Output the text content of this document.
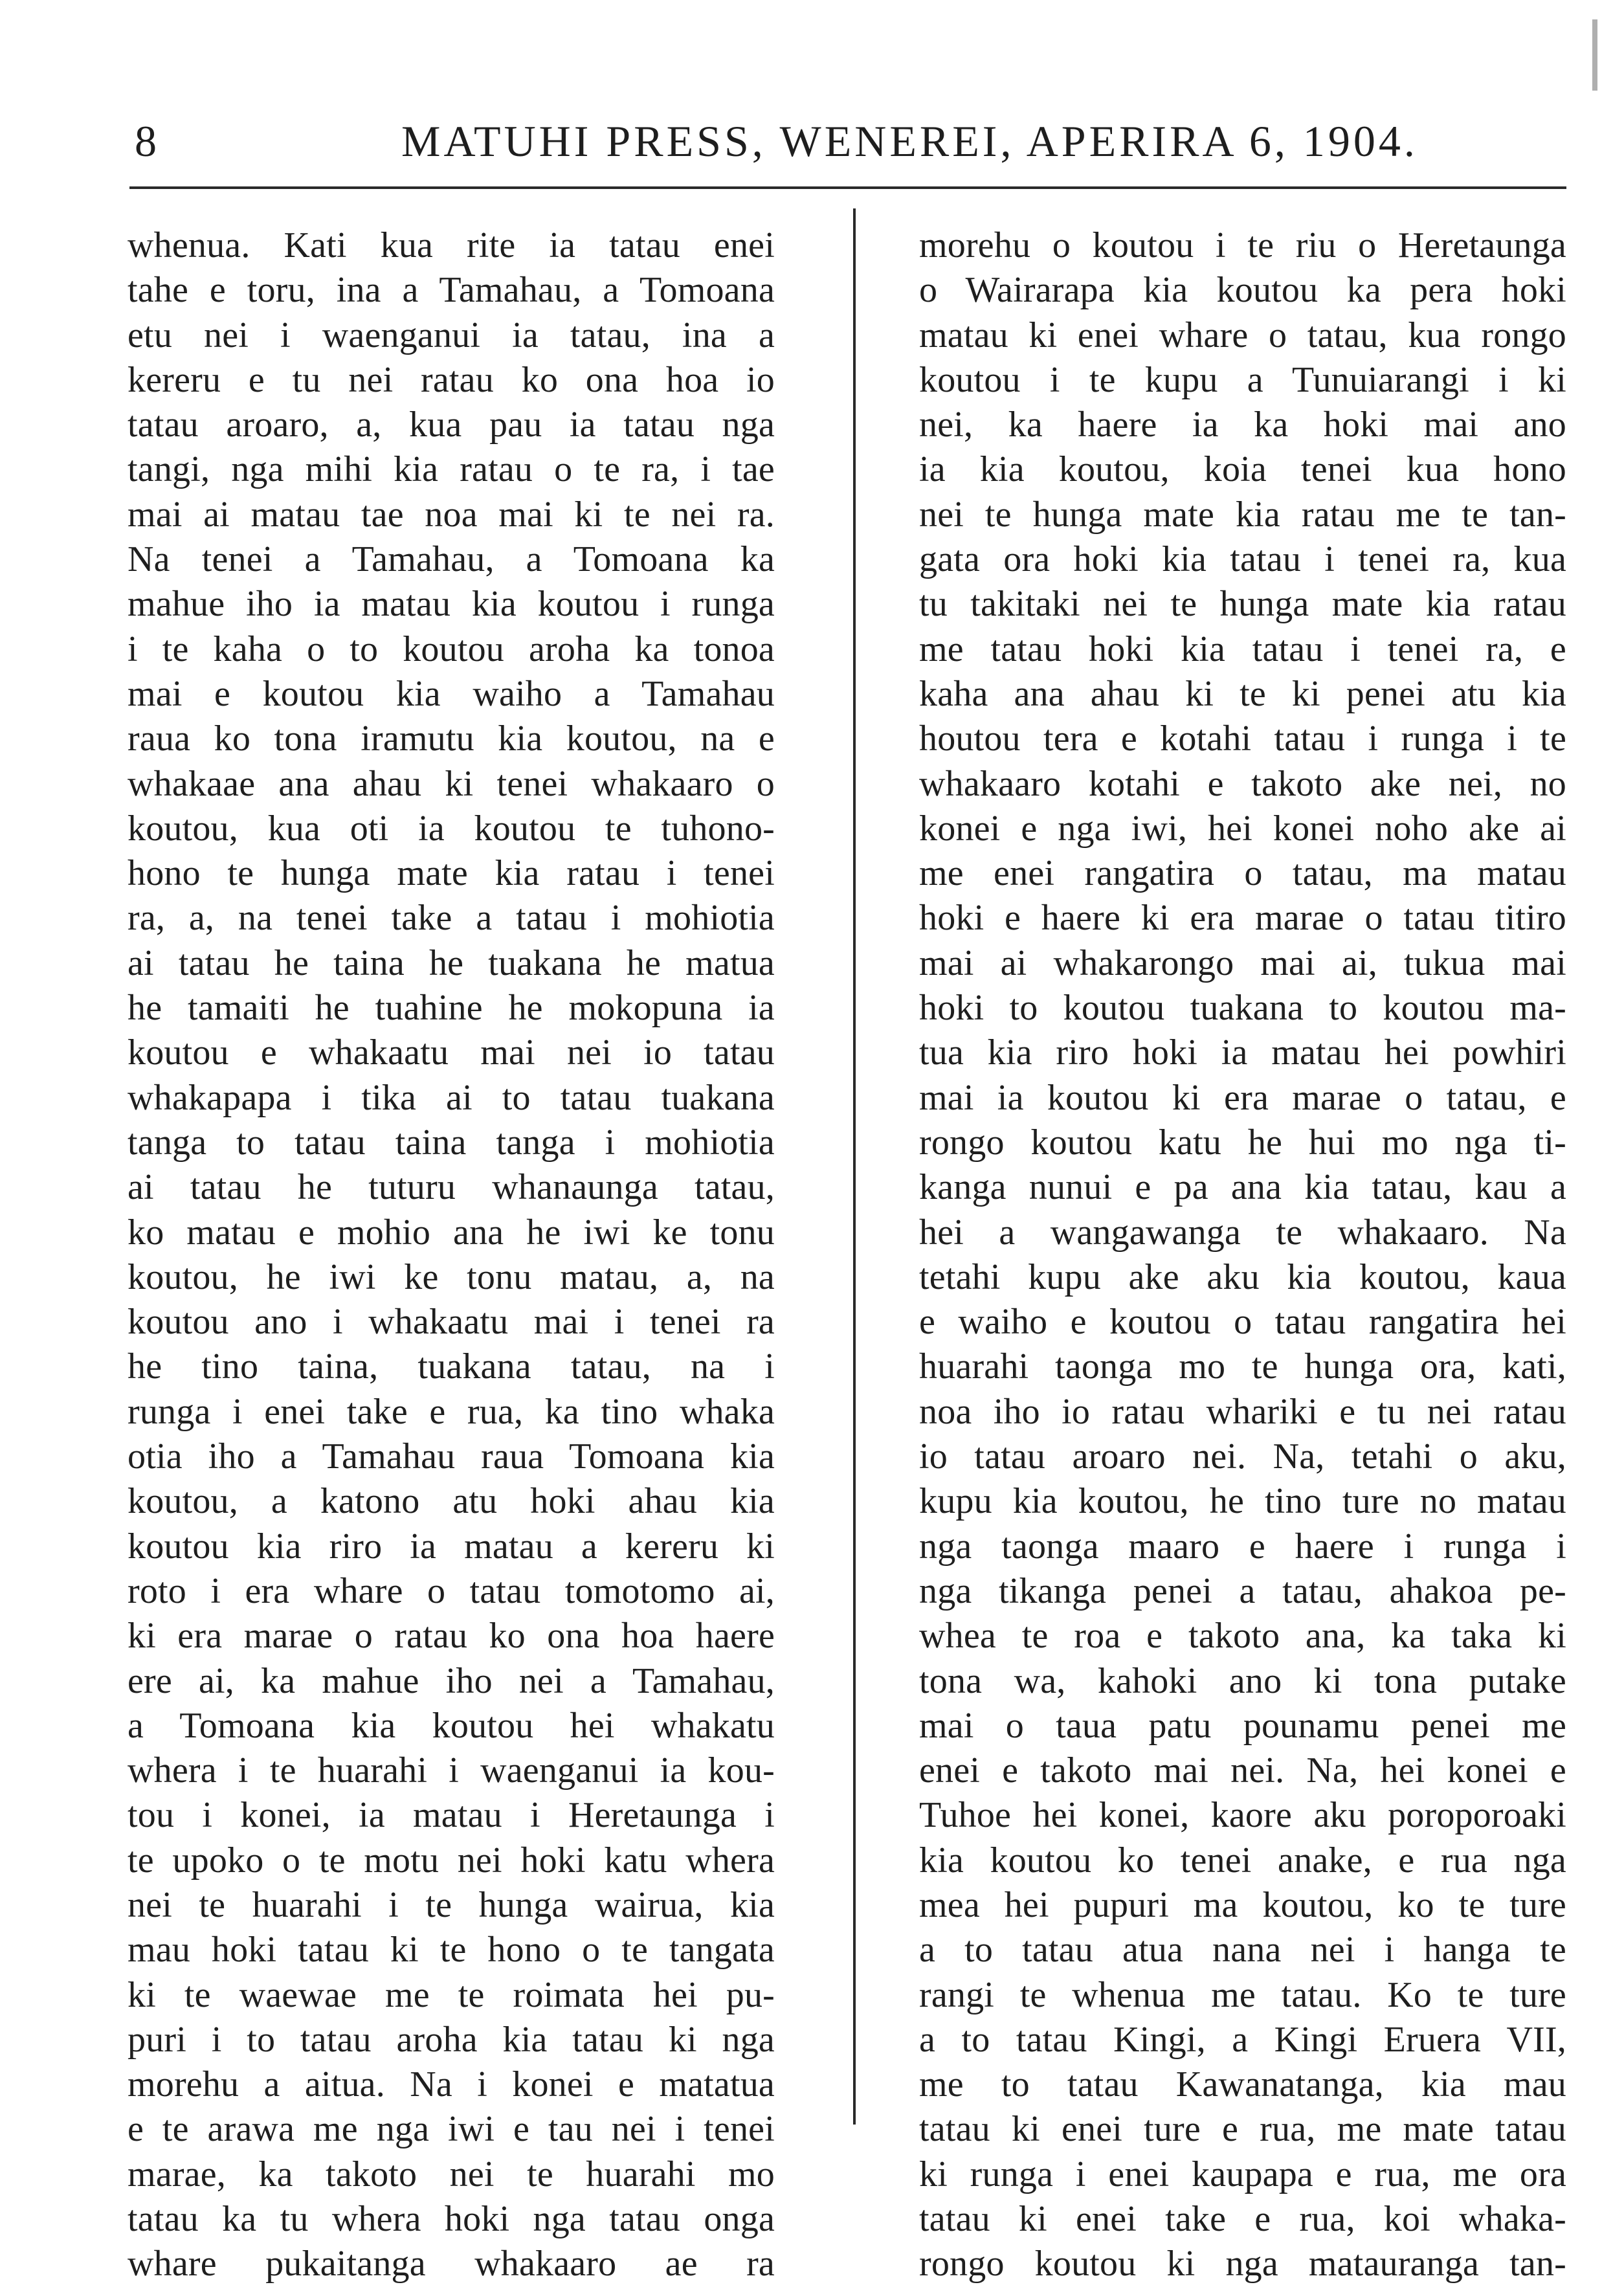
8	MATUHI PRESS, WENEREI, APERIRA 6, 1904.
whenua. Kati kua rite ia tatau enei
tahe e toru, ina a Tamahau, a Tomoana
etu nei i waenganui ia tatau, ina a
kereru e tu nei ratau ko ona hoa io
tatau aroaro, a, kua pau ia tatau nga
tangi, nga mihi kia ratau o te ra, i tae
mai ai matau tae noa mai ki te nei ra.
Na tenei a Tamahau, a Tomoana ka
mahue iho ia matau kia koutou i runga
i te kaha o to koutou aroha ka tonoa
mai e koutou kia waiho a Tamahau
raua ko tona iramutu kia koutou, na e
whakaae ana ahau ki tenei whakaaro o
koutou, kua oti ia koutou te tuhono-
hono te hunga mate kia ratau i tenei
ra, a, na tenei take a tatau i mohiotia
ai tatau he taina he tuakana he matua
he tamaiti he tuahine he mokopuna ia
koutou e whakaatu mai nei io tatau
whakapapa i tika ai to tatau tuakana
tanga to tatau taina tanga i mohiotia
ai tatau he tuturu whanaunga tatau,
ko matau e mohio ana he iwi ke tonu
koutou, he iwi ke tonu matau, a, na
koutou ano i whakaatu mai i tenei ra
he tino taina, tuakana tatau, na i
runga i enei take e rua, ka tino whaka
otia iho a Tamahau raua Tomoana kia
koutou, a katono atu hoki ahau kia
koutou kia riro ia matau a kereru ki
roto i era whare o tatau tomotomo ai,
ki era marae o ratau ko ona hoa haere
ere ai, ka mahue iho nei a Tamahau,
a Tomoana kia koutou hei whakatu
whera i te huarahi i waenganui ia kou-
tou i konei, ia matau i Heretaunga i
te upoko o te motu nei hoki katu whera
nei te huarahi i te hunga wairua, kia
mau hoki tatau ki te hono o te tangata
ki te waewae me te roimata hei pu-
puri i to tatau aroha kia tatau ki nga
morehu a aitua. Na i konei e matatua
e te arawa me nga iwi e tau nei i tenei
marae, ka takoto nei te huarahi mo
tatau ka tu whera hoki nga tatau onga
whare pukaitanga whakaaro ae ra
morehu o koutou i te riu o Heretaunga
o Wairarapa kia koutou ka pera hoki
matau ki enei whare o tatau, kua rongo
koutou i te kupu a Tunuiarangi i ki
nei, ka haere ia ka hoki mai ano
ia kia koutou, koia tenei kua hono
nei te hunga mate kia ratau me te tan-
gata ora hoki kia tatau i tenei ra, kua
tu takitaki nei te hunga mate kia ratau
me tatau hoki kia tatau i tenei ra, e
kaha ana ahau ki te ki penei atu kia
houtou tera e kotahi tatau i runga i te
whakaaro kotahi e takoto ake nei, no
konei e nga iwi, hei konei noho ake ai
me enei rangatira o tatau, ma matau
hoki e haere ki era marae o tatau titiro
mai ai whakarongo mai ai, tukua mai
hoki to koutou tuakana to koutou ma-
tua kia riro hoki ia matau hei powhiri
mai ia koutou ki era marae o tatau, e
rongo koutou katu he hui mo nga ti-
kanga nunui e pa ana kia tatau, kau a
hei a wangawanga te whakaaro. Na
tetahi kupu ake aku kia koutou, kaua
e waiho e koutou o tatau rangatira hei
huarahi taonga mo te hunga ora, kati,
noa iho io ratau whariki e tu nei ratau
io tatau aroaro nei. Na, tetahi o aku,
kupu kia koutou, he tino ture no matau
nga taonga maaro e haere i runga i
nga tikanga penei a tatau, ahakoa pe-
whea te roa e takoto ana, ka taka ki
tona wa, kahoki ano ki tona putake
mai o taua patu pounamu penei me
enei e takoto mai nei. Na, hei konei e
Tuhoe hei konei, kaore aku poroporoaki
kia koutou ko tenei anake, e rua nga
mea hei pupuri ma koutou, ko te ture
a to tatau atua nana nei i hanga te
rangi te whenua me tatau. Ko te ture
a to tatau Kingi, a Kingi Eruera VII,
me to tatau Kawanatanga, kia mau
tatau ki enei ture e rua, me mate tatau
ki runga i enei kaupapa e rua, me ora
tatau ki enei take e rua, koi whaka-
rongo koutou ki nga matauranga tan-
